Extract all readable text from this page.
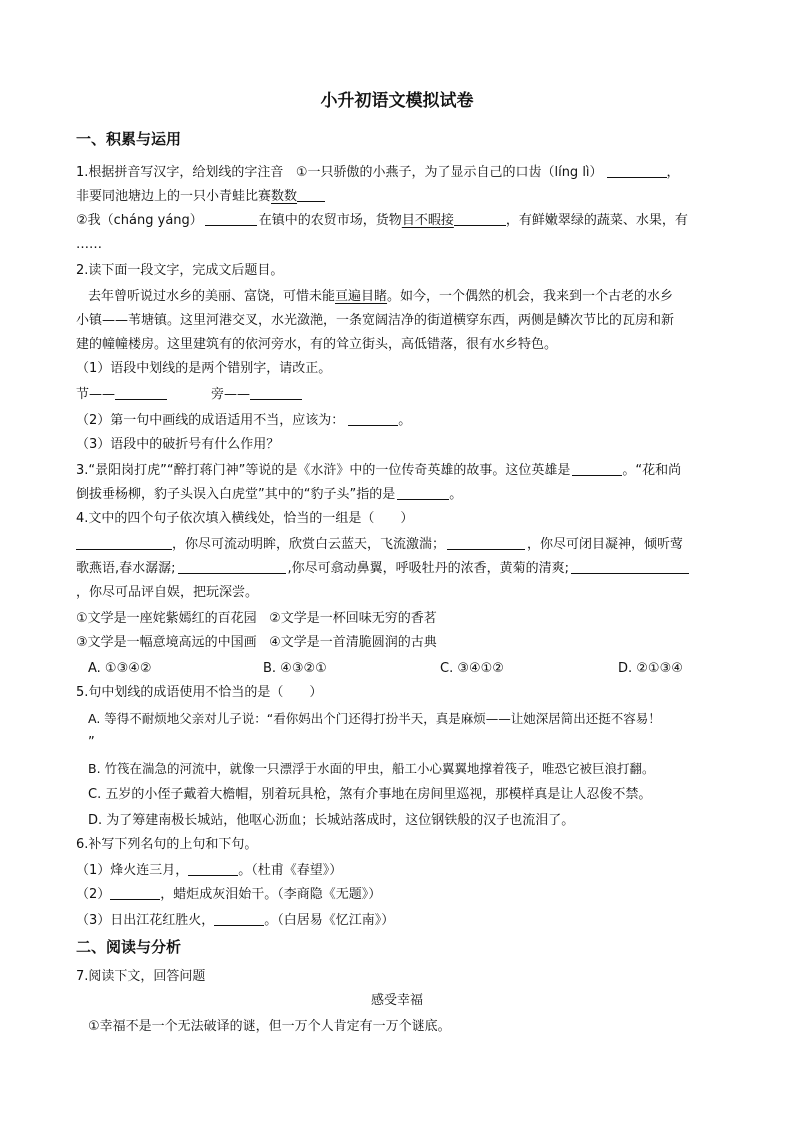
小升初语文模拟试卷
一、积累与运用
1.根据拼音写汉字，给划线的字注音 ①一只骄傲的小燕子，为了显示自己的口齿（líng lì）	，
非要同池塘边上的一只小青蛙比赛数数
②我（cháng yáng）	在镇中的农贸市场，货物目不暇接	，有鲜嫩翠绿的蔬菜、水果，有
……
2.读下面一段文字，完成文后题目。
去年曾听说过水乡的美丽、富饶，可惜未能亘遍目睹。如今，一个偶然的机会，我来到一个古老的水乡
小镇——苇塘镇。这里河港交叉，水光潋滟，一条宽阔洁净的街道横穿东西，两侧是鳞次节比的瓦房和新
建的幢幢楼房。这里建筑有的依河旁水，有的耸立街头，高低错落，很有水乡特色。
（1）语段中划线的是两个错别字，请改正。
节——	旁——
（2）第一句中画线的成语适用不当，应该为：	。
（3）语段中的破折号有什么作用？
3.“景阳岗打虎”“醉打蒋门神”等说的是《水浒》中的一位传奇英雄的故事。这位英雄是	。“花和尚
倒拔垂杨柳，豹子头误入白虎堂”其中的“豹子头”指的是	。
4.文中的四个句子依次填入横线处，恰当的一组是（　　）
，你尽可流动明眸，欣赏白云蓝天，飞流激湍；	，你尽可闭目凝神，倾听莺
歌燕语,春水潺潺;	,你尽可翕动鼻翼，呼吸牡丹的浓香，黄菊的清爽;
，你尽可品评自娱，把玩深尝。
①文学是一座姹紫嫣红的百花园 ②文学是一杯回味无穷的香茗
③文学是一幅意境高远的中国画 ④文学是一首清脆圆润的古典
A. ①③④②	B. ④③②①	C. ③④①②	D. ②①③④
5.句中划线的成语使用不恰当的是（　　）
A. 等得不耐烦地父亲对儿子说：“看你妈出个门还得打扮半天，真是麻烦——让她深居简出还挺不容易！
”
B. 竹筏在湍急的河流中，就像一只漂浮于水面的甲虫，船工小心翼翼地撑着筏子，唯恐它被巨浪打翻。
C. 五岁的小侄子戴着大檐帽，别着玩具枪，煞有介事地在房间里巡视，那模样真是让人忍俊不禁。
D. 为了筹建南极长城站，他呕心沥血；长城站落成时，这位钢铁般的汉子也流泪了。
6.补写下列名句的上句和下句。
（1）烽火连三月，	。（杜甫《春望》）
（2）	，蜡炬成灰泪始干。（李商隐《无题》）
（3）日出江花红胜火，	。（白居易《忆江南》）
二、阅读与分析
7.阅读下文，回答问题
感受幸福
①幸福不是一个无法破译的谜，但一万个人肯定有一万个谜底。
